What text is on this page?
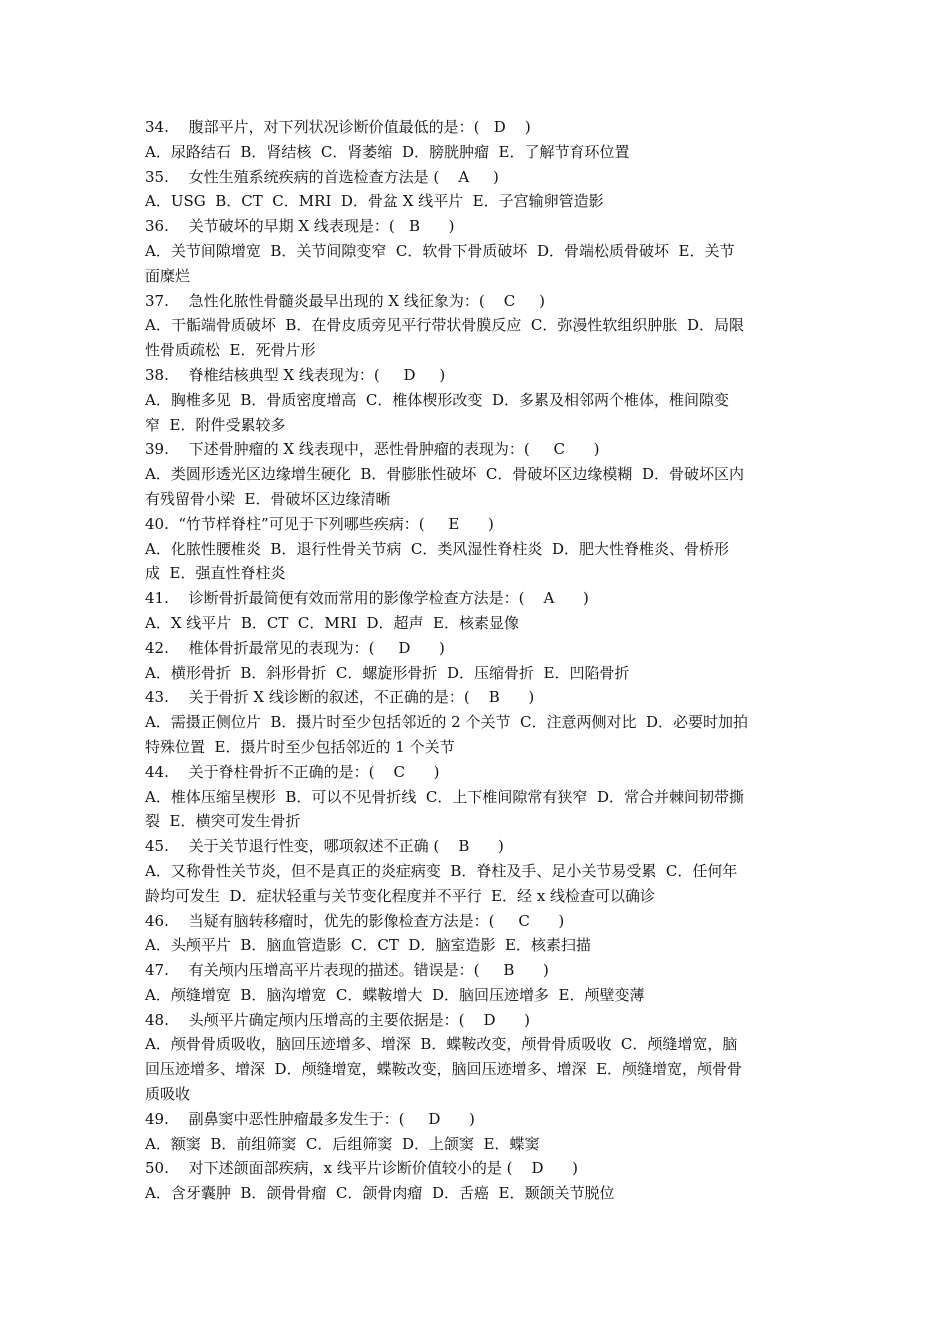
34.　 腹部平片，对下列状况诊断价值最低的是：(   D    )
A．尿路结石  B．肾结核  C．肾萎缩  D．膀胱肿瘤  E．了解节育环位置
35.　 女性生殖系统疾病的首选检查方法是 (    A     )
A．USG  B．CT  C．MRI  D．骨盆 X 线平片  E．子宫输卵管造影
36.　 关节破坏的早期 X 线表现是：(   B      )
A．关节间隙增宽  B．关节间隙变窄  C．软骨下骨质破坏  D．骨端松质骨破坏  E．关节
面糜烂
37.　 急性化脓性骨髓炎最早出现的 X 线征象为：(    C     )
A．干骺端骨质破坏  B．在骨皮质旁见平行带状骨膜反应  C．弥漫性软组织肿胀  D．局限
性骨质疏松  E．死骨片形
38.　 脊椎结核典型 X 线表现为：(     D     )
A．胸椎多见  B．骨质密度增高  C．椎体楔形改变  D．多累及相邻两个椎体，椎间隙变
窄  E．附件受累较多
39.　 下述骨肿瘤的 X 线表现中，恶性骨肿瘤的表现为：(     C      )
A．类圆形透光区边缘增生硬化  B．骨膨胀性破坏  C．骨破坏区边缘模糊  D．骨破坏区内
有残留骨小梁  E．骨破坏区边缘清晰
40.  “竹节样脊柱”可见于下列哪些疾病：(     E      )
A．化脓性腰椎炎  B．退行性骨关节病  C．类风湿性脊柱炎  D．肥大性脊椎炎、骨桥形
成  E．强直性脊柱炎
41.　 诊断骨折最简便有效而常用的影像学检查方法是：(    A      )
A．X 线平片  B．CT  C．MRI  D．超声  E．核素显像
42.　 椎体骨折最常见的表现为：(     D      )
A．横形骨折  B．斜形骨折  C．螺旋形骨折  D．压缩骨折  E．凹陷骨折
43.　 关于骨折 X 线诊断的叙述，不正确的是：(    B      )
A．需摄正侧位片  B．摄片时至少包括邻近的 2 个关节  C．注意两侧对比  D．必要时加拍
特殊位置  E．摄片时至少包括邻近的 1 个关节
44.　 关于脊柱骨折不正确的是：(    C      )
A．椎体压缩呈楔形  B．可以不见骨折线  C．上下椎间隙常有狭窄  D．常合并棘间韧带撕
裂  E．横突可发生骨折
45.　 关于关节退行性变，哪项叙述不正确 (    B      )
A．又称骨性关节炎，但不是真正的炎症病变  B．脊柱及手、足小关节易受累  C．任何年
龄均可发生  D．症状轻重与关节变化程度并不平行  E．经 x 线检查可以确诊
46.　 当疑有脑转移瘤时，优先的影像检查方法是：(     C      )
A．头颅平片  B．脑血管造影  C．CT  D．脑室造影  E．核素扫描
47.　 有关颅内压增高平片表现的描述。错误是：(     B      )
A．颅缝增宽  B．脑沟增宽  C．蝶鞍增大  D．脑回压迹增多  E．颅壁变薄
48.　 头颅平片确定颅内压增高的主要依据是：(    D      )
A．颅骨骨质吸收，脑回压迹增多、增深  B．蝶鞍改变，颅骨骨质吸收  C．颅缝增宽，脑
回压迹增多、增深  D．颅缝增宽，蝶鞍改变，脑回压迹增多、增深  E．颅缝增宽，颅骨骨
质吸收
49.　 副鼻窦中恶性肿瘤最多发生于：(     D      )
A．额窦  B．前组筛窦  C．后组筛窦  D．上颌窦  E．蝶窦
50.　 对下述颌面部疾病，x 线平片诊断价值较小的是 (    D      )
A．含牙囊肿  B．颌骨骨瘤  C．颌骨肉瘤  D．舌癌  E．颞颌关节脱位
